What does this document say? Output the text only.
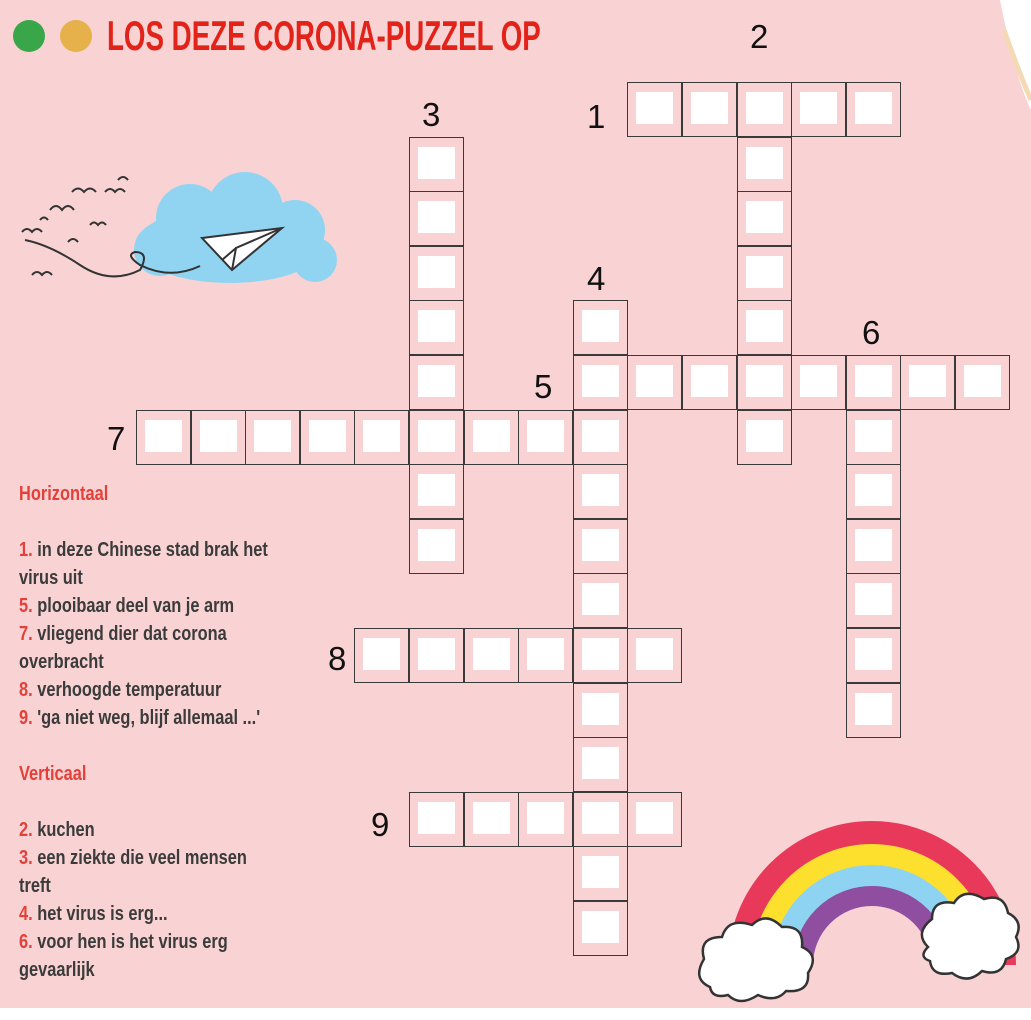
LOS DEZE CORONA-PUZZEL OP	2
1
3
4
6
5
7
8
9
Horizontaal
1. in deze Chinese stad brak het
virus uit
5. plooibaar deel van je arm
7. vliegend dier dat corona
overbracht
8. verhoogde temperatuur
9. 'ga niet weg, blijf allemaal ...'
Verticaal
2. kuchen
3. een ziekte die veel mensen
treft
4. het virus is erg...
6. voor hen is het virus erg
gevaarlijk
